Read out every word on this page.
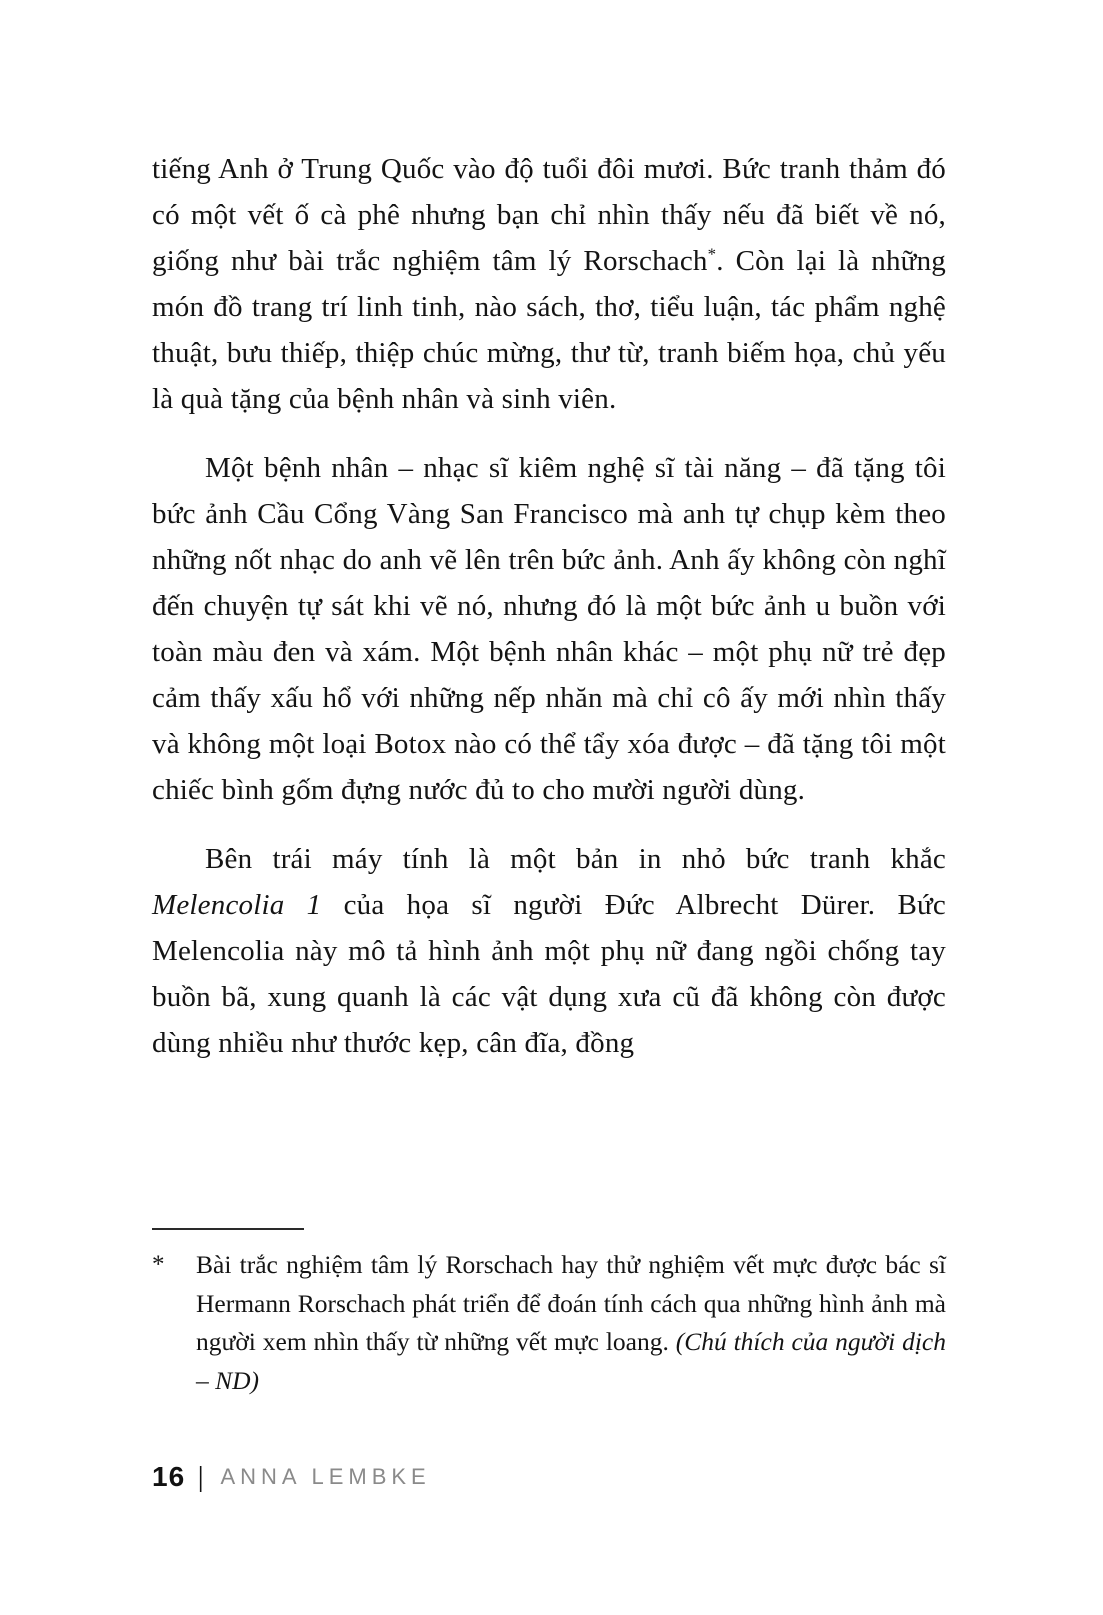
tiếng Anh ở Trung Quốc vào độ tuổi đôi mươi. Bức tranh thảm đó có một vết ố cà phê nhưng bạn chỉ nhìn thấy nếu đã biết về nó, giống như bài trắc nghiệm tâm lý Rorschach*. Còn lại là những món đồ trang trí linh tinh, nào sách, thơ, tiểu luận, tác phẩm nghệ thuật, bưu thiếp, thiệp chúc mừng, thư từ, tranh biếm họa, chủ yếu là quà tặng của bệnh nhân và sinh viên.

Một bệnh nhân – nhạc sĩ kiêm nghệ sĩ tài năng – đã tặng tôi bức ảnh Cầu Cổng Vàng San Francisco mà anh tự chụp kèm theo những nốt nhạc do anh vẽ lên trên bức ảnh. Anh ấy không còn nghĩ đến chuyện tự sát khi vẽ nó, nhưng đó là một bức ảnh u buồn với toàn màu đen và xám. Một bệnh nhân khác – một phụ nữ trẻ đẹp cảm thấy xấu hổ với những nếp nhăn mà chỉ cô ấy mới nhìn thấy và không một loại Botox nào có thể tẩy xóa được – đã tặng tôi một chiếc bình gốm đựng nước đủ to cho mười người dùng.

Bên trái máy tính là một bản in nhỏ bức tranh khắc Melencolia 1 của họa sĩ người Đức Albrecht Dürer. Bức Melencolia này mô tả hình ảnh một phụ nữ đang ngồi chống tay buồn bã, xung quanh là các vật dụng xưa cũ đã không còn được dùng nhiều như thước kẹp, cân đĩa, đồng

*	Bài trắc nghiệm tâm lý Rorschach hay thử nghiệm vết mực được bác sĩ Hermann Rorschach phát triển để đoán tính cách qua những hình ảnh mà người xem nhìn thấy từ những vết mực loang. (Chú thích của người dịch – ND)
16 | ANNA LEMBKE
